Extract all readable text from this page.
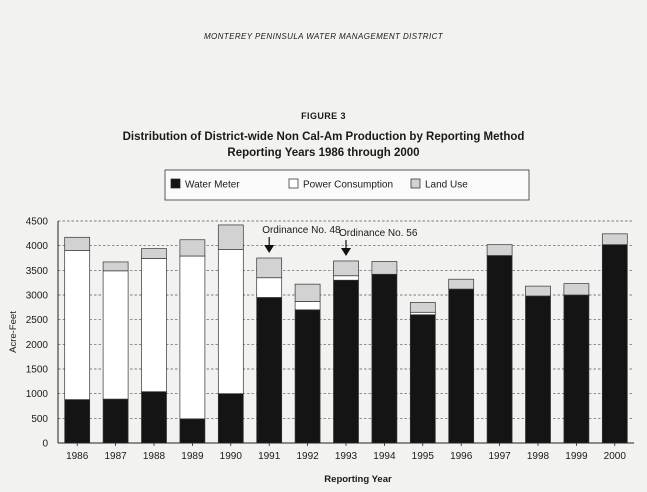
MONTEREY PENINSULA WATER MANAGEMENT DISTRICT
FIGURE 3
Distribution of District-wide Non Cal-Am Production by Reporting Method
Reporting Years 1986 through 2000
Water Meter	Power Consumption	Land Use
0
500
1000
1500
2000
2500
3000
3500
4000
4500
1986 1987 1988 1989 1990 1991 1992 1993 1994 1995 1996 1997 1998 1999 2000
Reporting Year
Acre-Feet
Ordinance No. 48
Ordinance No. 56
